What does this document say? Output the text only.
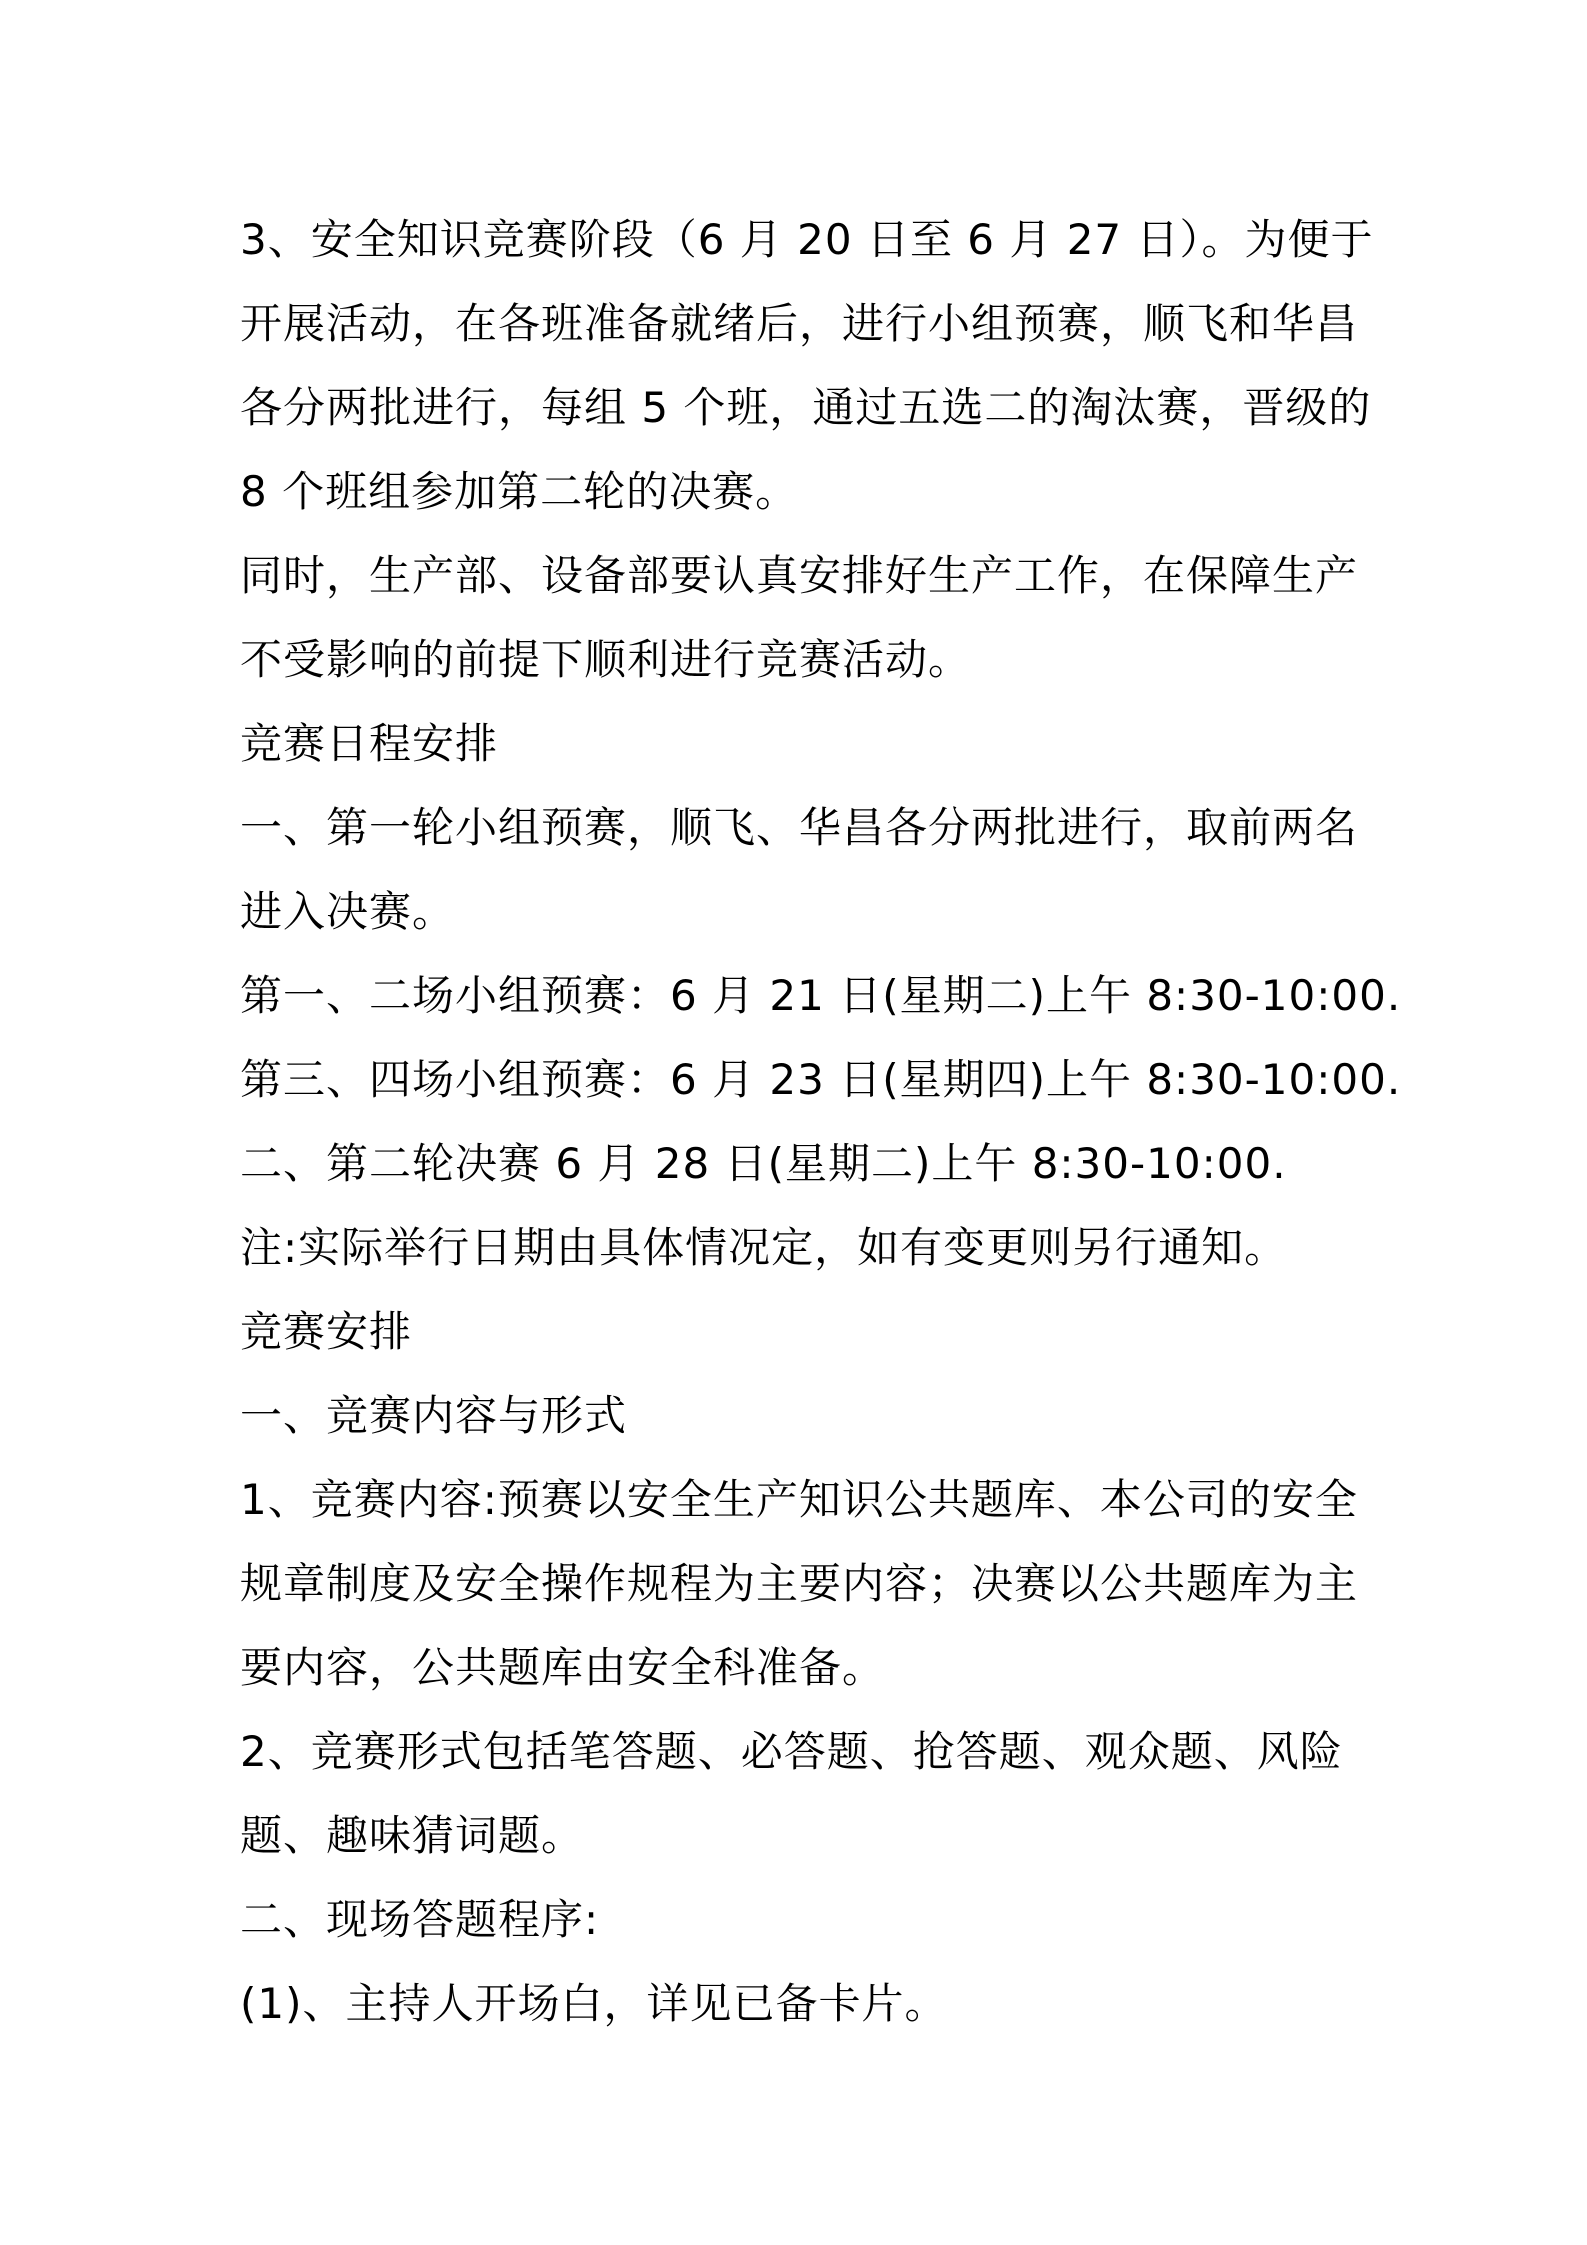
3、安全知识竞赛阶段（6 月 20 日至 6 月 27 日）。为便于
开展活动，在各班准备就绪后，进行小组预赛，顺飞和华昌
各分两批进行，每组 5 个班，通过五选二的淘汰赛，晋级的
8 个班组参加第二轮的决赛。
同时，生产部、设备部要认真安排好生产工作，在保障生产
不受影响的前提下顺利进行竞赛活动。
竞赛日程安排
一、第一轮小组预赛，顺飞、华昌各分两批进行，取前两名
进入决赛。
第一、二场小组预赛：6 月 21 日(星期二)上午 8:30-10:00.
第三、四场小组预赛：6 月 23 日(星期四)上午 8:30-10:00.
二、第二轮决赛 6 月 28 日(星期二)上午 8:30-10:00.
注:实际举行日期由具体情况定，如有变更则另行通知。
竞赛安排
一、竞赛内容与形式
1、竞赛内容:预赛以安全生产知识公共题库、本公司的安全
规章制度及安全操作规程为主要内容；决赛以公共题库为主
要内容，公共题库由安全科准备。
2、竞赛形式包括笔答题、必答题、抢答题、观众题、风险
题、趣味猜词题。
二、现场答题程序:
(1)、主持人开场白，详见已备卡片。
